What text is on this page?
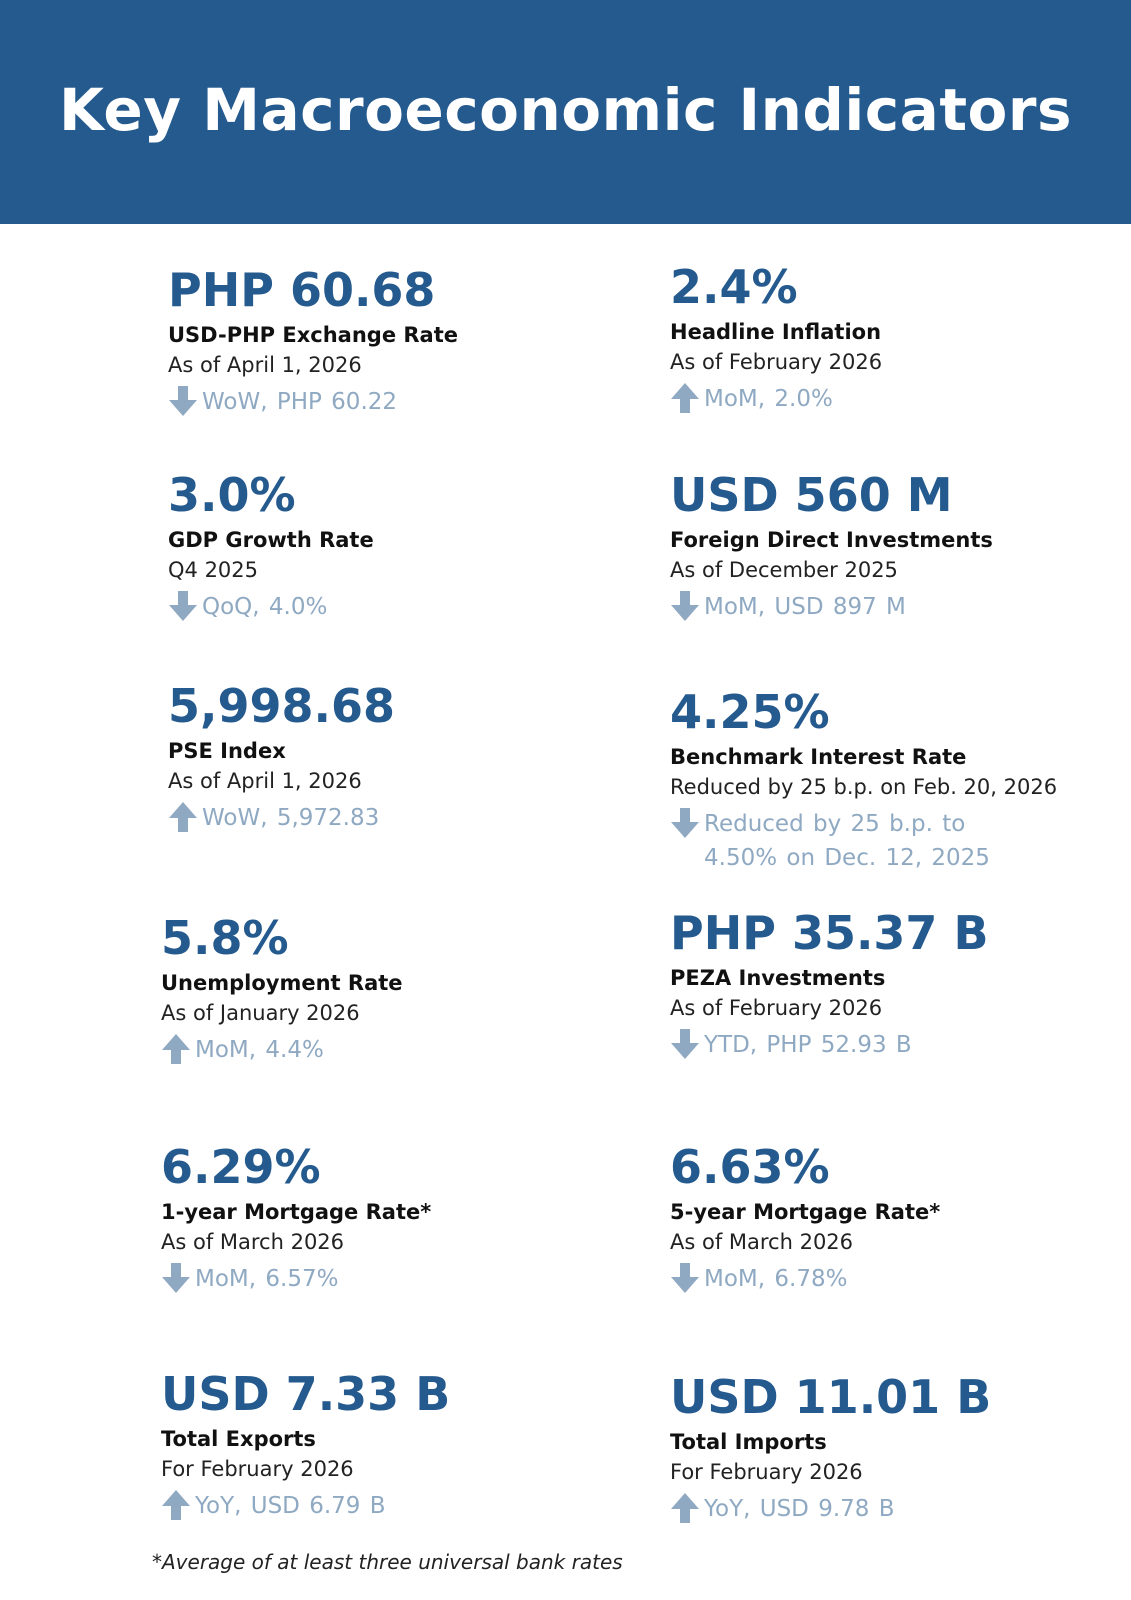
Key Macroeconomic Indicators
PHP 60.68
USD-PHP Exchange Rate
As of April 1, 2026
WoW, PHP 60.22
2.4%
Headline Inflation
As of February 2026
MoM, 2.0%
3.0%
GDP Growth Rate
Q4 2025
QoQ, 4.0%
USD 560 M
Foreign Direct Investments
As of December 2025
MoM, USD 897 M
5,998.68
PSE Index
As of April 1, 2026
WoW, 5,972.83
4.25%
Benchmark Interest Rate
Reduced by 25 b.p. on Feb. 20, 2026
Reduced by 25 b.p. to
4.50% on Dec. 12, 2025
5.8%
Unemployment Rate
As of January 2026
MoM, 4.4%
PHP 35.37 B
PEZA Investments
As of February 2026
YTD, PHP 52.93 B
6.29%
1-year Mortgage Rate*
As of March 2026
MoM, 6.57%
6.63%
5-year Mortgage Rate*
As of March 2026
MoM, 6.78%
USD 7.33 B
Total Exports
For February 2026
YoY, USD 6.79 B
USD 11.01 B
Total Imports
For February 2026
YoY, USD 9.78 B
*Average of at least three universal bank rates
